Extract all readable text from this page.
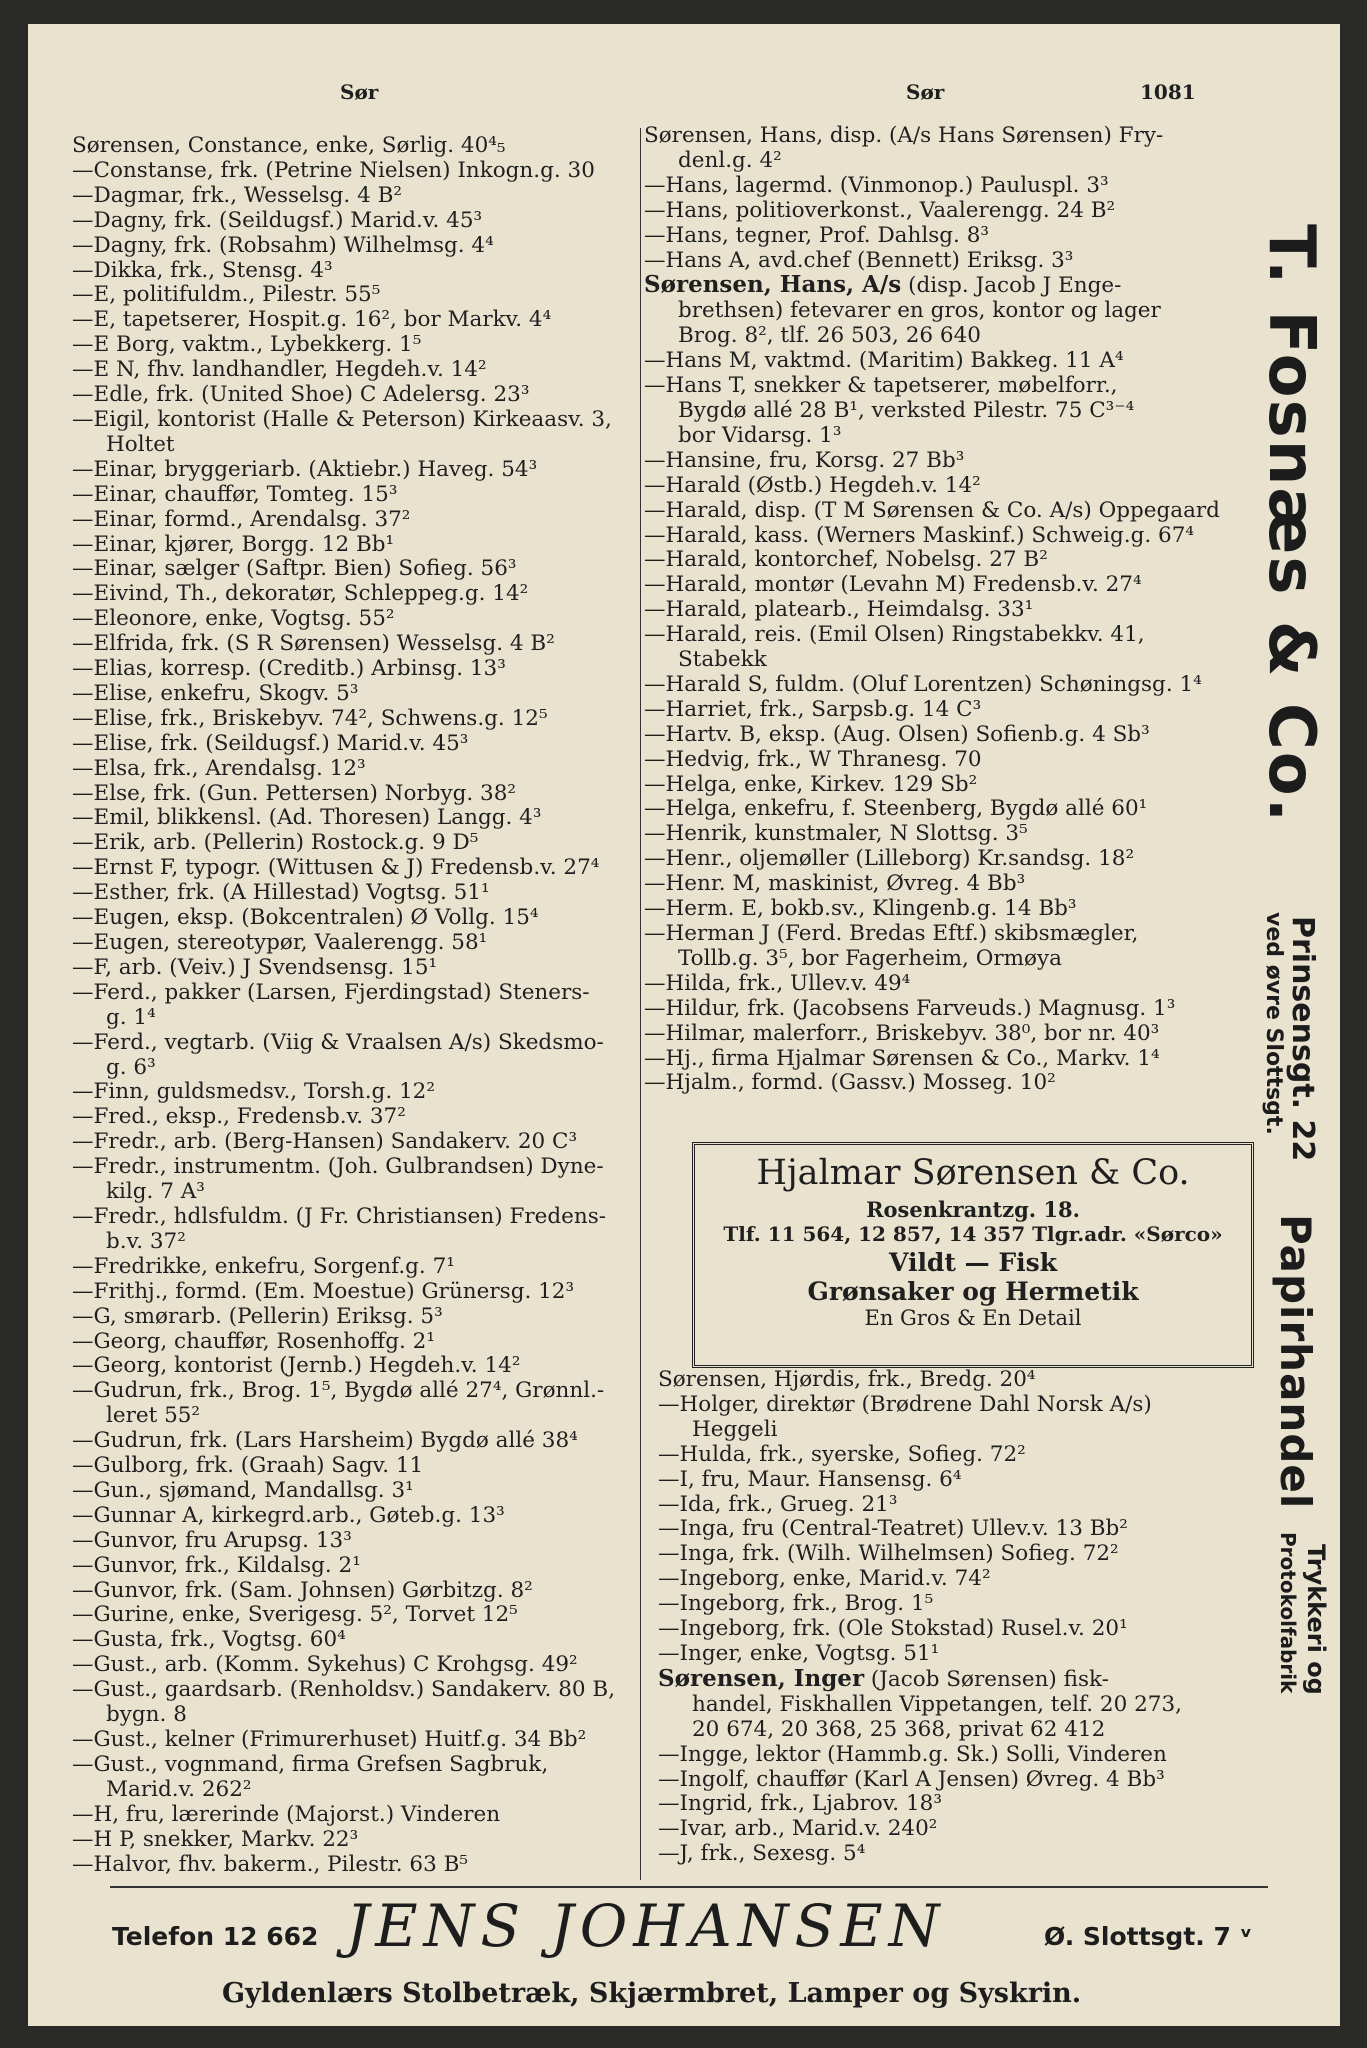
Sør	Sør	1081
Sørensen, Constance, enke, Sørlig. 40⁴₅
—Constanse, frk. (Petrine Nielsen) Inkogn.g. 30
—Dagmar, frk., Wesselsg. 4 B²
—Dagny, frk. (Seildugsf.) Marid.v. 45³
—Dagny, frk. (Robsahm) Wilhelmsg. 4⁴
—Dikka, frk., Stensg. 4³
—E, politifuldm., Pilestr. 55⁵
—E, tapetserer, Hospit.g. 16², bor Markv. 4⁴
—E Borg, vaktm., Lybekkerg. 1⁵
—E N, fhv. landhandler, Hegdeh.v. 14²
—Edle, frk. (United Shoe) C Adelersg. 23³
—Eigil, kontorist (Halle & Peterson) Kirkeaasv. 3,
Holtet
—Einar, bryggeriarb. (Aktiebr.) Haveg. 54³
—Einar, chauffør, Tomteg. 15³
—Einar, formd., Arendalsg. 37²
—Einar, kjører, Borgg. 12 Bb¹
—Einar, sælger (Saftpr. Bien) Sofieg. 56³
—Eivind, Th., dekoratør, Schleppeg.g. 14²
—Eleonore, enke, Vogtsg. 55²
—Elfrida, frk. (S R Sørensen) Wesselsg. 4 B²
—Elias, korresp. (Creditb.) Arbinsg. 13³
—Elise, enkefru, Skogv. 5³
—Elise, frk., Briskebyv. 74², Schwens.g. 12⁵
—Elise, frk. (Seildugsf.) Marid.v. 45³
—Elsa, frk., Arendalsg. 12³
—Else, frk. (Gun. Pettersen) Norbyg. 38²
—Emil, blikkensl. (Ad. Thoresen) Langg. 4³
—Erik, arb. (Pellerin) Rostock.g. 9 D⁵
—Ernst F, typogr. (Wittusen & J) Fredensb.v. 27⁴
—Esther, frk. (A Hillestad) Vogtsg. 51¹
—Eugen, eksp. (Bokcentralen) Ø Vollg. 15⁴
—Eugen, stereotypør, Vaalerengg. 58¹
—F, arb. (Veiv.) J Svendsensg. 15¹
—Ferd., pakker (Larsen, Fjerdingstad) Steners-
g. 1⁴
—Ferd., vegtarb. (Viig & Vraalsen A/s) Skedsmo-
g. 6³
—Finn, guldsmedsv., Torsh.g. 12²
—Fred., eksp., Fredensb.v. 37²
—Fredr., arb. (Berg-Hansen) Sandakerv. 20 C³
—Fredr., instrumentm. (Joh. Gulbrandsen) Dyne-
kilg. 7 A³
—Fredr., hdlsfuldm. (J Fr. Christiansen) Fredens-
b.v. 37²
—Fredrikke, enkefru, Sorgenf.g. 7¹
—Frithj., formd. (Em. Moestue) Grünersg. 12³
—G, smørarb. (Pellerin) Eriksg. 5³
—Georg, chauffør, Rosenhoffg. 2¹
—Georg, kontorist (Jernb.) Hegdeh.v. 14²
—Gudrun, frk., Brog. 1⁵, Bygdø allé 27⁴, Grønnl.-
leret 55²
—Gudrun, frk. (Lars Harsheim) Bygdø allé 38⁴
—Gulborg, frk. (Graah) Sagv. 11
—Gun., sjømand, Mandallsg. 3¹
—Gunnar A, kirkegrd.arb., Gøteb.g. 13³
—Gunvor, fru Arupsg. 13³
—Gunvor, frk., Kildalsg. 2¹
—Gunvor, frk. (Sam. Johnsen) Gørbitzg. 8²
—Gurine, enke, Sverigesg. 5², Torvet 12⁵
—Gusta, frk., Vogtsg. 60⁴
—Gust., arb. (Komm. Sykehus) C Krohgsg. 49²
—Gust., gaardsarb. (Renholdsv.) Sandakerv. 80 B,
bygn. 8
—Gust., kelner (Frimurerhuset) Huitf.g. 34 Bb²
—Gust., vognmand, firma Grefsen Sagbruk,
Marid.v. 262²
—H, fru, lærerinde (Majorst.) Vinderen
—H P, snekker, Markv. 22³
—Halvor, fhv. bakerm., Pilestr. 63 B⁵
Sørensen, Hans, disp. (A/s Hans Sørensen) Fry-
denl.g. 4²
—Hans, lagermd. (Vinmonop.) Pauluspl. 3³
—Hans, politioverkonst., Vaalerengg. 24 B²
—Hans, tegner, Prof. Dahlsg. 8³
—Hans A, avd.chef (Bennett) Eriksg. 3³
Sørensen, Hans, A/s (disp. Jacob J Enge-
brethsen) fetevarer en gros, kontor og lager
Brog. 8², tlf. 26 503, 26 640
—Hans M, vaktmd. (Maritim) Bakkeg. 11 A⁴
—Hans T, snekker & tapetserer, møbelforr.,
Bygdø allé 28 B¹, verksted Pilestr. 75 C³⁻⁴
bor Vidarsg. 1³
—Hansine, fru, Korsg. 27 Bb³
—Harald (Østb.) Hegdeh.v. 14²
—Harald, disp. (T M Sørensen & Co. A/s) Oppegaard
—Harald, kass. (Werners Maskinf.) Schweig.g. 67⁴
—Harald, kontorchef, Nobelsg. 27 B²
—Harald, montør (Levahn M) Fredensb.v. 27⁴
—Harald, platearb., Heimdalsg. 33¹
—Harald, reis. (Emil Olsen) Ringstabekkv. 41,
Stabekk
—Harald S, fuldm. (Oluf Lorentzen) Schøningsg. 1⁴
—Harriet, frk., Sarpsb.g. 14 C³
—Hartv. B, eksp. (Aug. Olsen) Sofienb.g. 4 Sb³
—Hedvig, frk., W Thranesg. 70
—Helga, enke, Kirkev. 129 Sb²
—Helga, enkefru, f. Steenberg, Bygdø allé 60¹
—Henrik, kunstmaler, N Slottsg. 3⁵
—Henr., oljemøller (Lilleborg) Kr.sandsg. 18²
—Henr. M, maskinist, Øvreg. 4 Bb³
—Herm. E, bokb.sv., Klingenb.g. 14 Bb³
—Herman J (Ferd. Bredas Eftf.) skibsmægler,
Tollb.g. 3⁵, bor Fagerheim, Ormøya
—Hilda, frk., Ullev.v. 49⁴
—Hildur, frk. (Jacobsens Farveuds.) Magnusg. 1³
—Hilmar, malerforr., Briskebyv. 38⁰, bor nr. 40³
—Hj., firma Hjalmar Sørensen & Co., Markv. 1⁴
—Hjalm., formd. (Gassv.) Mosseg. 10²
Hjalmar Sørensen & Co.
Rosenkrantzg. 18.
Tlf. 11 564, 12 857, 14 357 Tlgr.adr. «Sørco»
Vildt — Fisk
Grønsaker og Hermetik
En Gros & En Detail
Sørensen, Hjørdis, frk., Bredg. 20⁴
—Holger, direktør (Brødrene Dahl Norsk A/s)
Heggeli
—Hulda, frk., syerske, Sofieg. 72²
—I, fru, Maur. Hansensg. 6⁴
—Ida, frk., Grueg. 21³
—Inga, fru (Central-Teatret) Ullev.v. 13 Bb²
—Inga, frk. (Wilh. Wilhelmsen) Sofieg. 72²
—Ingeborg, enke, Marid.v. 74²
—Ingeborg, frk., Brog. 1⁵
—Ingeborg, frk. (Ole Stokstad) Rusel.v. 20¹
—Inger, enke, Vogtsg. 51¹
Sørensen, Inger (Jacob Sørensen) fisk-
handel, Fiskhallen Vippetangen, telf. 20 273,
20 674, 20 368, 25 368, privat 62 412
—Ingge, lektor (Hammb.g. Sk.) Solli, Vinderen
—Ingolf, chauffør (Karl A Jensen) Øvreg. 4 Bb³
—Ingrid, frk., Ljabrov. 18³
—Ivar, arb., Marid.v. 240²
—J, frk., Sexesg. 5⁴
T. Fosnæs & Co.
Prinsensgt. 22
ved øvre Slottsgt.
Papirhandel
Trykkeri og
Protokolfabrik
Telefon 12 662 JENS JOHANSEN	Ø. Slottsgt. 7 ᵛ
Gyldenlærs Stolbetræk, Skjærmbret, Lamper og Syskrin.
